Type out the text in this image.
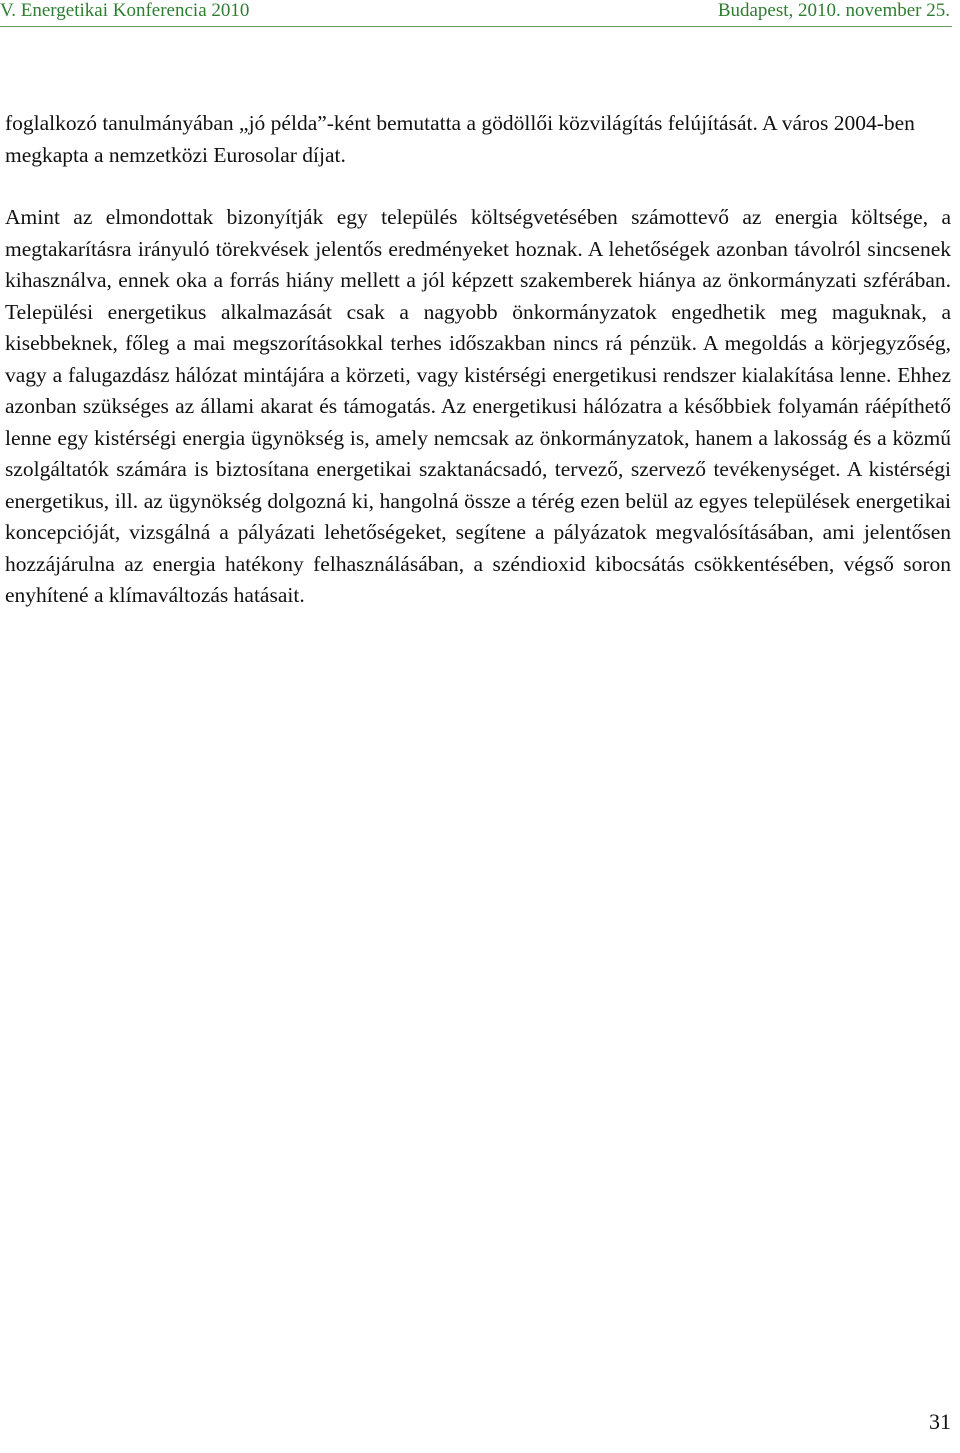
V. Energetikai Konferencia 2010	Budapest, 2010. november 25.

foglalkozó tanulmányában „jó példa”-ként bemutatta a gödöllői közvilágítás felújítását. A város 2004-ben megkapta a nemzetközi Eurosolar díjat.

Amint az elmondottak bizonyítják egy település költségvetésében számottevő az energia költsége, a megtakarításra irányuló törekvések jelentős eredményeket hoznak. A lehetőségek azonban távolról sincsenek kihasználva, ennek oka a forrás hiány mellett a jól képzett szakemberek hiánya az önkormányzati szférában. Települési energetikus alkalmazását csak a nagyobb önkormányzatok engedhetik meg maguknak, a kisebbeknek, főleg a mai megszorításokkal terhes időszakban nincs rá pénzük. A megoldás a körjegyzőség, vagy a falugazdász hálózat mintájára a körzeti, vagy kistérségi energetikusi rendszer kialakítása lenne. Ehhez azonban szükséges az állami akarat és támogatás. Az energetikusi hálózatra a későbbiek folyamán ráépíthető lenne egy kistérségi energia ügynökség is, amely nemcsak az önkormányzatok, hanem a lakosság és a közmű szolgáltatók számára is biztosítana energetikai szaktanácsadó, tervező, szervező tevékenységet. A kistérségi energetikus, ill. az ügynökség dolgozná ki, hangolná össze a térég ezen belül az egyes települések energetikai koncepcióját, vizsgálná a pályázati lehetőségeket, segítene a pályázatok megvalósításában, ami jelentősen hozzájárulna az energia hatékony felhasználásában, a széndioxid kibocsátás csökkentésében, végső soron enyhítené a klímaváltozás hatásait.

31
